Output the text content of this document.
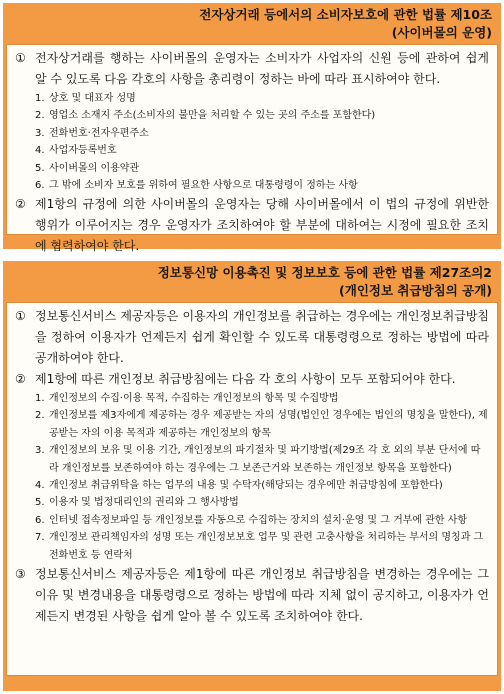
전자상거래 등에서의 소비자보호에 관한 법률 제10조
(사이버몰의 운영)
① 전자상거래를 행하는 사이버몰의 운영자는 소비자가 사업자의 신원 등에 관하여 쉽게 알 수 있도록 다음 각호의 사항을 총리령이 정하는 바에 따라 표시하여야 한다.
1. 상호 및 대표자 성명
2. 영업소 소재지 주소(소비자의 불만을 처리할 수 있는 곳의 주소를 포함한다)
3. 전화번호·전자우편주소
4. 사업자등록번호
5. 사이버몰의 이용약관
6. 그 밖에 소비자 보호를 위하여 필요한 사항으로 대통령령이 정하는 사항
② 제1항의 규정에 의한 사이버몰의 운영자는 당해 사이버몰에서 이 법의 규정에 위반한 행위가 이루어지는 경우 운영자가 조치하여야 할 부분에 대하여는 시정에 필요한 조치에 협력하여야 한다.
정보통신망 이용촉진 및 정보보호 등에 관한 법률 제27조의2
(개인정보 취급방침의 공개)
① 정보통신서비스 제공자등은 이용자의 개인정보를 취급하는 경우에는 개인정보취급방침을 정하여 이용자가 언제든지 쉽게 확인할 수 있도록 대통령령으로 정하는 방법에 따라 공개하여야 한다.
② 제1항에 따른 개인정보 취급방침에는 다음 각 호의 사항이 모두 포함되어야 한다.
1. 개인정보의 수집·이용 목적, 수집하는 개인정보의 항목 및 수집방법
2. 개인정보를 제3자에게 제공하는 경우 제공받는 자의 성명(법인인 경우에는 법인의 명칭을 말한다), 제공받는 자의 이용 목적과 제공하는 개인정보의 항목
3. 개인정보의 보유 및 이용 기간, 개인정보의 파기절차 및 파기방법(제29조 각 호 외의 부분 단서에 따라 개인정보를 보존하여야 하는 경우에는 그 보존근거와 보존하는 개인정보 항목을 포함한다)
4. 개인정보 취급위탁을 하는 업무의 내용 및 수탁자(해당되는 경우에만 취급방침에 포함한다)
5. 이용자 및 법정대리인의 권리와 그 행사방법
6. 인터넷 접속정보파일 등 개인정보를 자동으로 수집하는 장치의 설치·운영 및 그 거부에 관한 사항
7. 개인정보 관리책임자의 성명 또는 개인정보보호 업무 및 관련 고충사항을 처리하는 부서의 명칭과 그 전화번호 등 연락처
③ 정보통신서비스 제공자등은 제1항에 따른 개인정보 취급방침을 변경하는 경우에는 그 이유 및 변경내용을 대통령령으로 정하는 방법에 따라 지체 없이 공지하고, 이용자가 언제든지 변경된 사항을 쉽게 알아 볼 수 있도록 조치하여야 한다.
